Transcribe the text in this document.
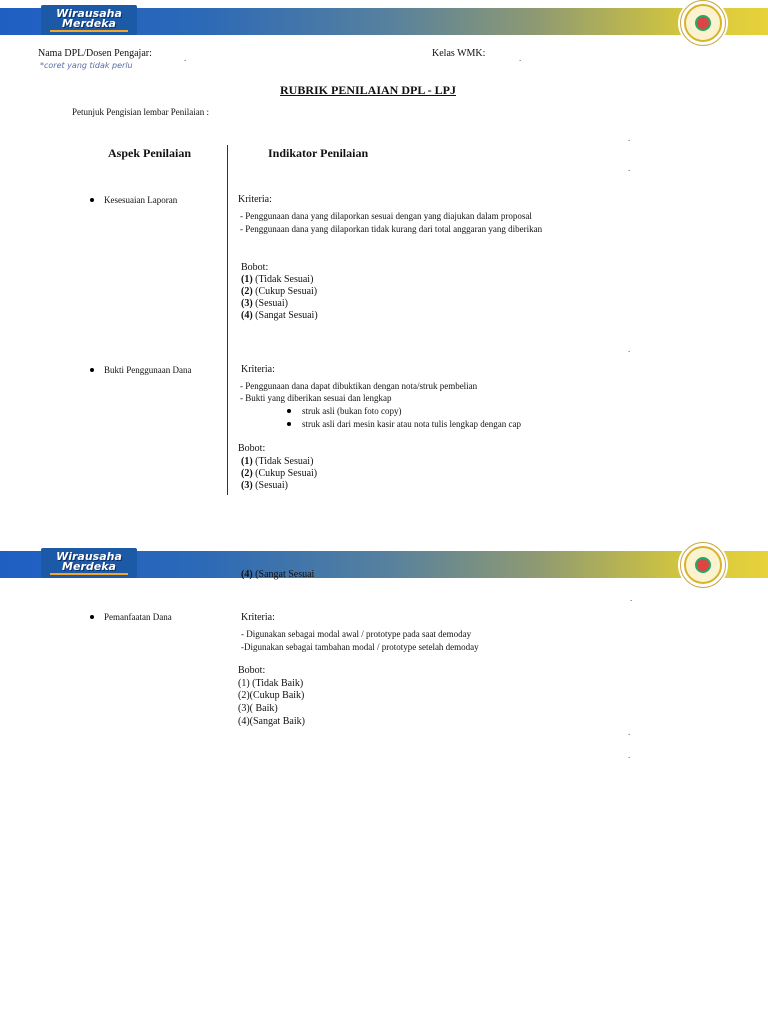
Wirausaha
Merdeka
Nama DPL/Dosen Pengajar:
*coret yang tidak perlu
.	Kelas WMK:	.
RUBRIK PENILAIAN DPL - LPJ
Petunjuk Pengisian lembar Penilaian :
.
.
Aspek Penilaian	Indikator Penilaian
Kesesuaian Laporan	Kriteria:
- Penggunaan dana yang dilaporkan sesuai dengan yang diajukan dalam proposal
- Penggunaan dana yang dilaporkan tidak kurang dari total anggaran yang diberikan
Bobot:
(1) (Tidak Sesuai)
(2) (Cukup Sesuai)
(3) (Sesuai)
(4) (Sangat Sesuai)
.
Bukti Penggunaan Dana	Kriteria:
- Penggunaan dana dapat dibuktikan dengan nota/struk pembelian
- Bukti yang diberikan sesuai dan lengkap
struk asli (bukan foto copy)
struk asli dari mesin kasir atau nota tulis lengkap dengan cap
Bobot:
(1) (Tidak Sesuai)
(2) (Cukup Sesuai)
(3) (Sesuai)
Wirausaha
Merdeka
(4) (Sangat Sesuai
.
Pemanfaatan Dana	Kriteria:
- Digunakan sebagai modal awal / prototype pada saat demoday
-Digunakan sebagai tambahan modal / prototype setelah demoday
Bobot:
(1) (Tidak Baik)
(2)(Cukup Baik)
(3)( Baik)
(4)(Sangat Baik)
.
.
